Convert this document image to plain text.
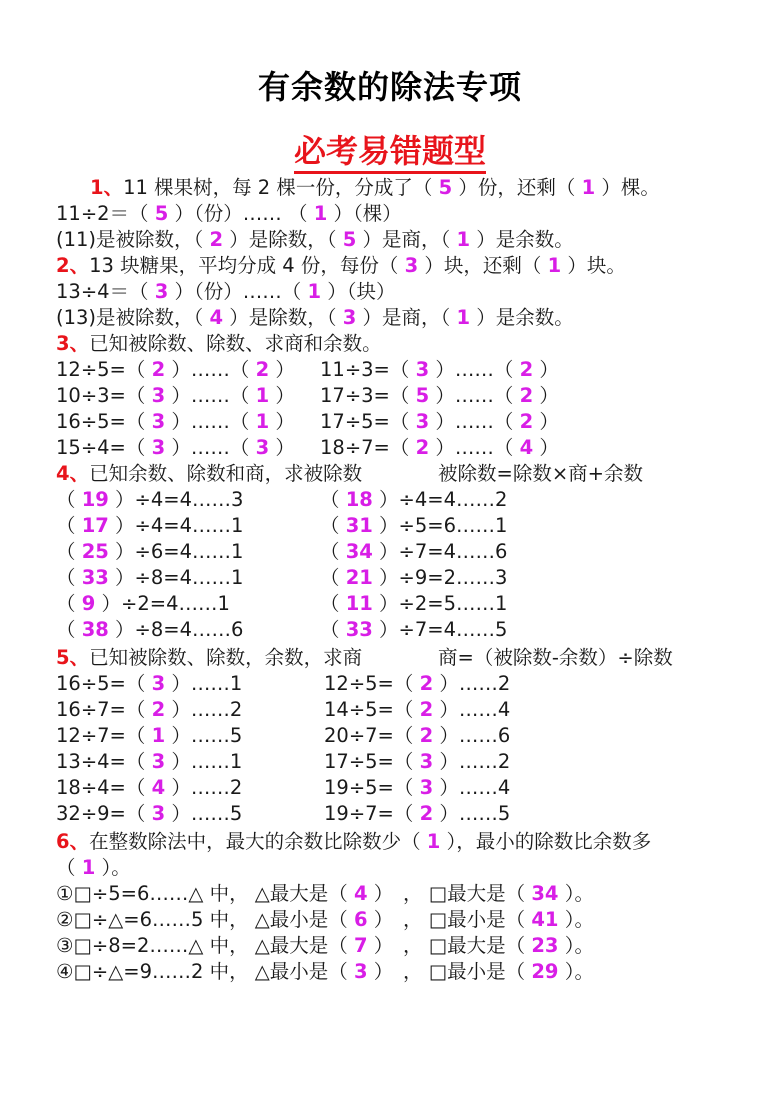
有余数的除法专项
必考易错题型
1、11 棵果树，每 2 棵一份，分成了（ 5 ）份，还剩（ 1 ）棵。
11÷2＝（ 5 ）（份）…… （ 1 ）（棵）
(11)是被除数，（ 2 ）是除数，（ 5 ）是商，（ 1 ）是余数。
2、13 块糖果，平均分成 4 份，每份（ 3 ）块，还剩（ 1 ）块。
13÷4＝（ 3 ）（份）……（ 1 ）（块）
(13)是被除数，（ 4 ）是除数，（ 3 ）是商，（ 1 ）是余数。
3、已知被除数、除数、求商和余数。
12÷5=（ 2 ）……（ 2 ） 11÷3=（ 3 ）……（ 2 ）
10÷3=（ 3 ）……（ 1 ） 17÷3=（ 5 ）……（ 2 ）
16÷5=（ 3 ）……（ 1 ） 17÷5=（ 3 ）……（ 2 ）
15÷4=（ 3 ）……（ 3 ） 18÷7=（ 2 ）……（ 4 ）
4、已知余数、除数和商，求被除数	被除数=除数×商+余数
（ 19 ）÷4=4……3	（ 18 ）÷4=4……2
（ 17 ）÷4=4……1	（ 31 ）÷5=6……1
（ 25 ）÷6=4……1	（ 34 ）÷7=4……6
（ 33 ）÷8=4……1	（ 21 ）÷9=2……3
（ 9 ）÷2=4……1	（ 11 ）÷2=5……1
（ 38 ）÷8=4……6	（ 33 ）÷7=4……5
5、已知被除数、除数，余数，求商	商=（被除数-余数）÷除数
16÷5=（ 3 ）……1	12÷5=（ 2 ）……2
16÷7=（ 2 ）……2	14÷5=（ 2 ）……4
12÷7=（ 1 ）……5	20÷7=（ 2 ）……6
13÷4=（ 3 ）……1	17÷5=（ 3 ）……2
18÷4=（ 4 ）……2	19÷5=（ 3 ）……4
32÷9=（ 3 ）……5	19÷7=（ 2 ）……5
6、在整数除法中，最大的余数比除数少（ 1 ），最小的除数比余数多
（ 1 ）。
①□÷5=6……△ 中， △最大是（ 4 ）　， □最大是（ 34 ）。
②□÷△=6……5 中， △最小是（ 6 ）　， □最小是（ 41 ）。
③□÷8=2……△ 中， △最大是（ 7 ）　， □最大是（ 23 ）。
④□÷△=9……2 中， △最小是（ 3 ）　， □最小是（ 29 ）。
